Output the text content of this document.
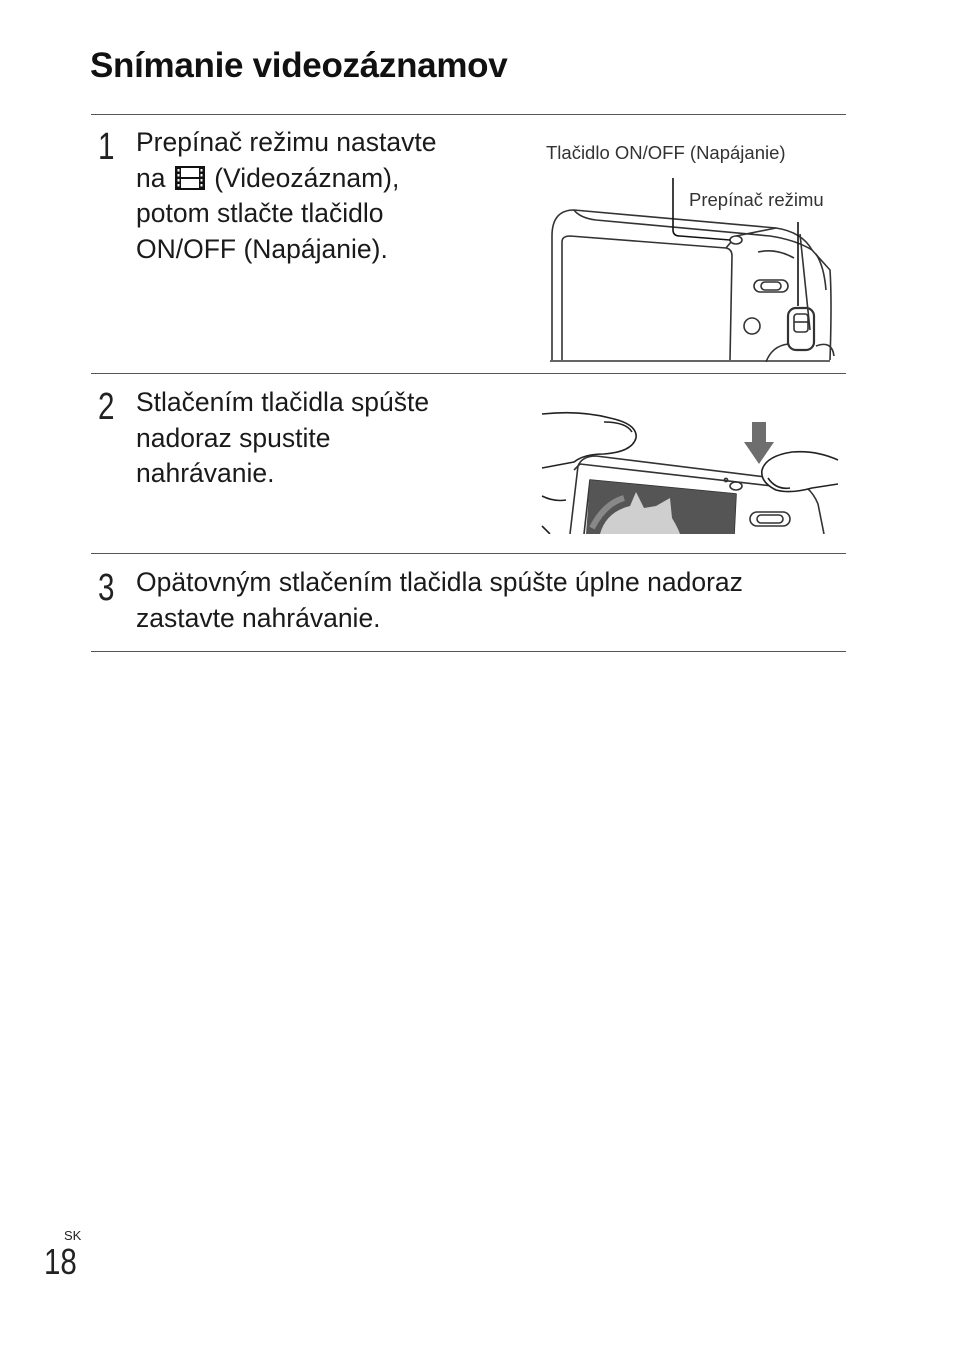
Snímanie videozáznamov
1 Prepínač režimu nastavte
na (Videozáznam),
potom stlačte tlačidlo
ON/OFF (Napájanie).

Tlačidlo ON/OFF (Napájanie)
Prepínač režimu
2 Stlačením tlačidla spúšte
nadoraz spustite
nahrávanie.

3 Opätovným stlačením tlačidla spúšte úplne nadoraz
zastavte nahrávanie.

SK
18
